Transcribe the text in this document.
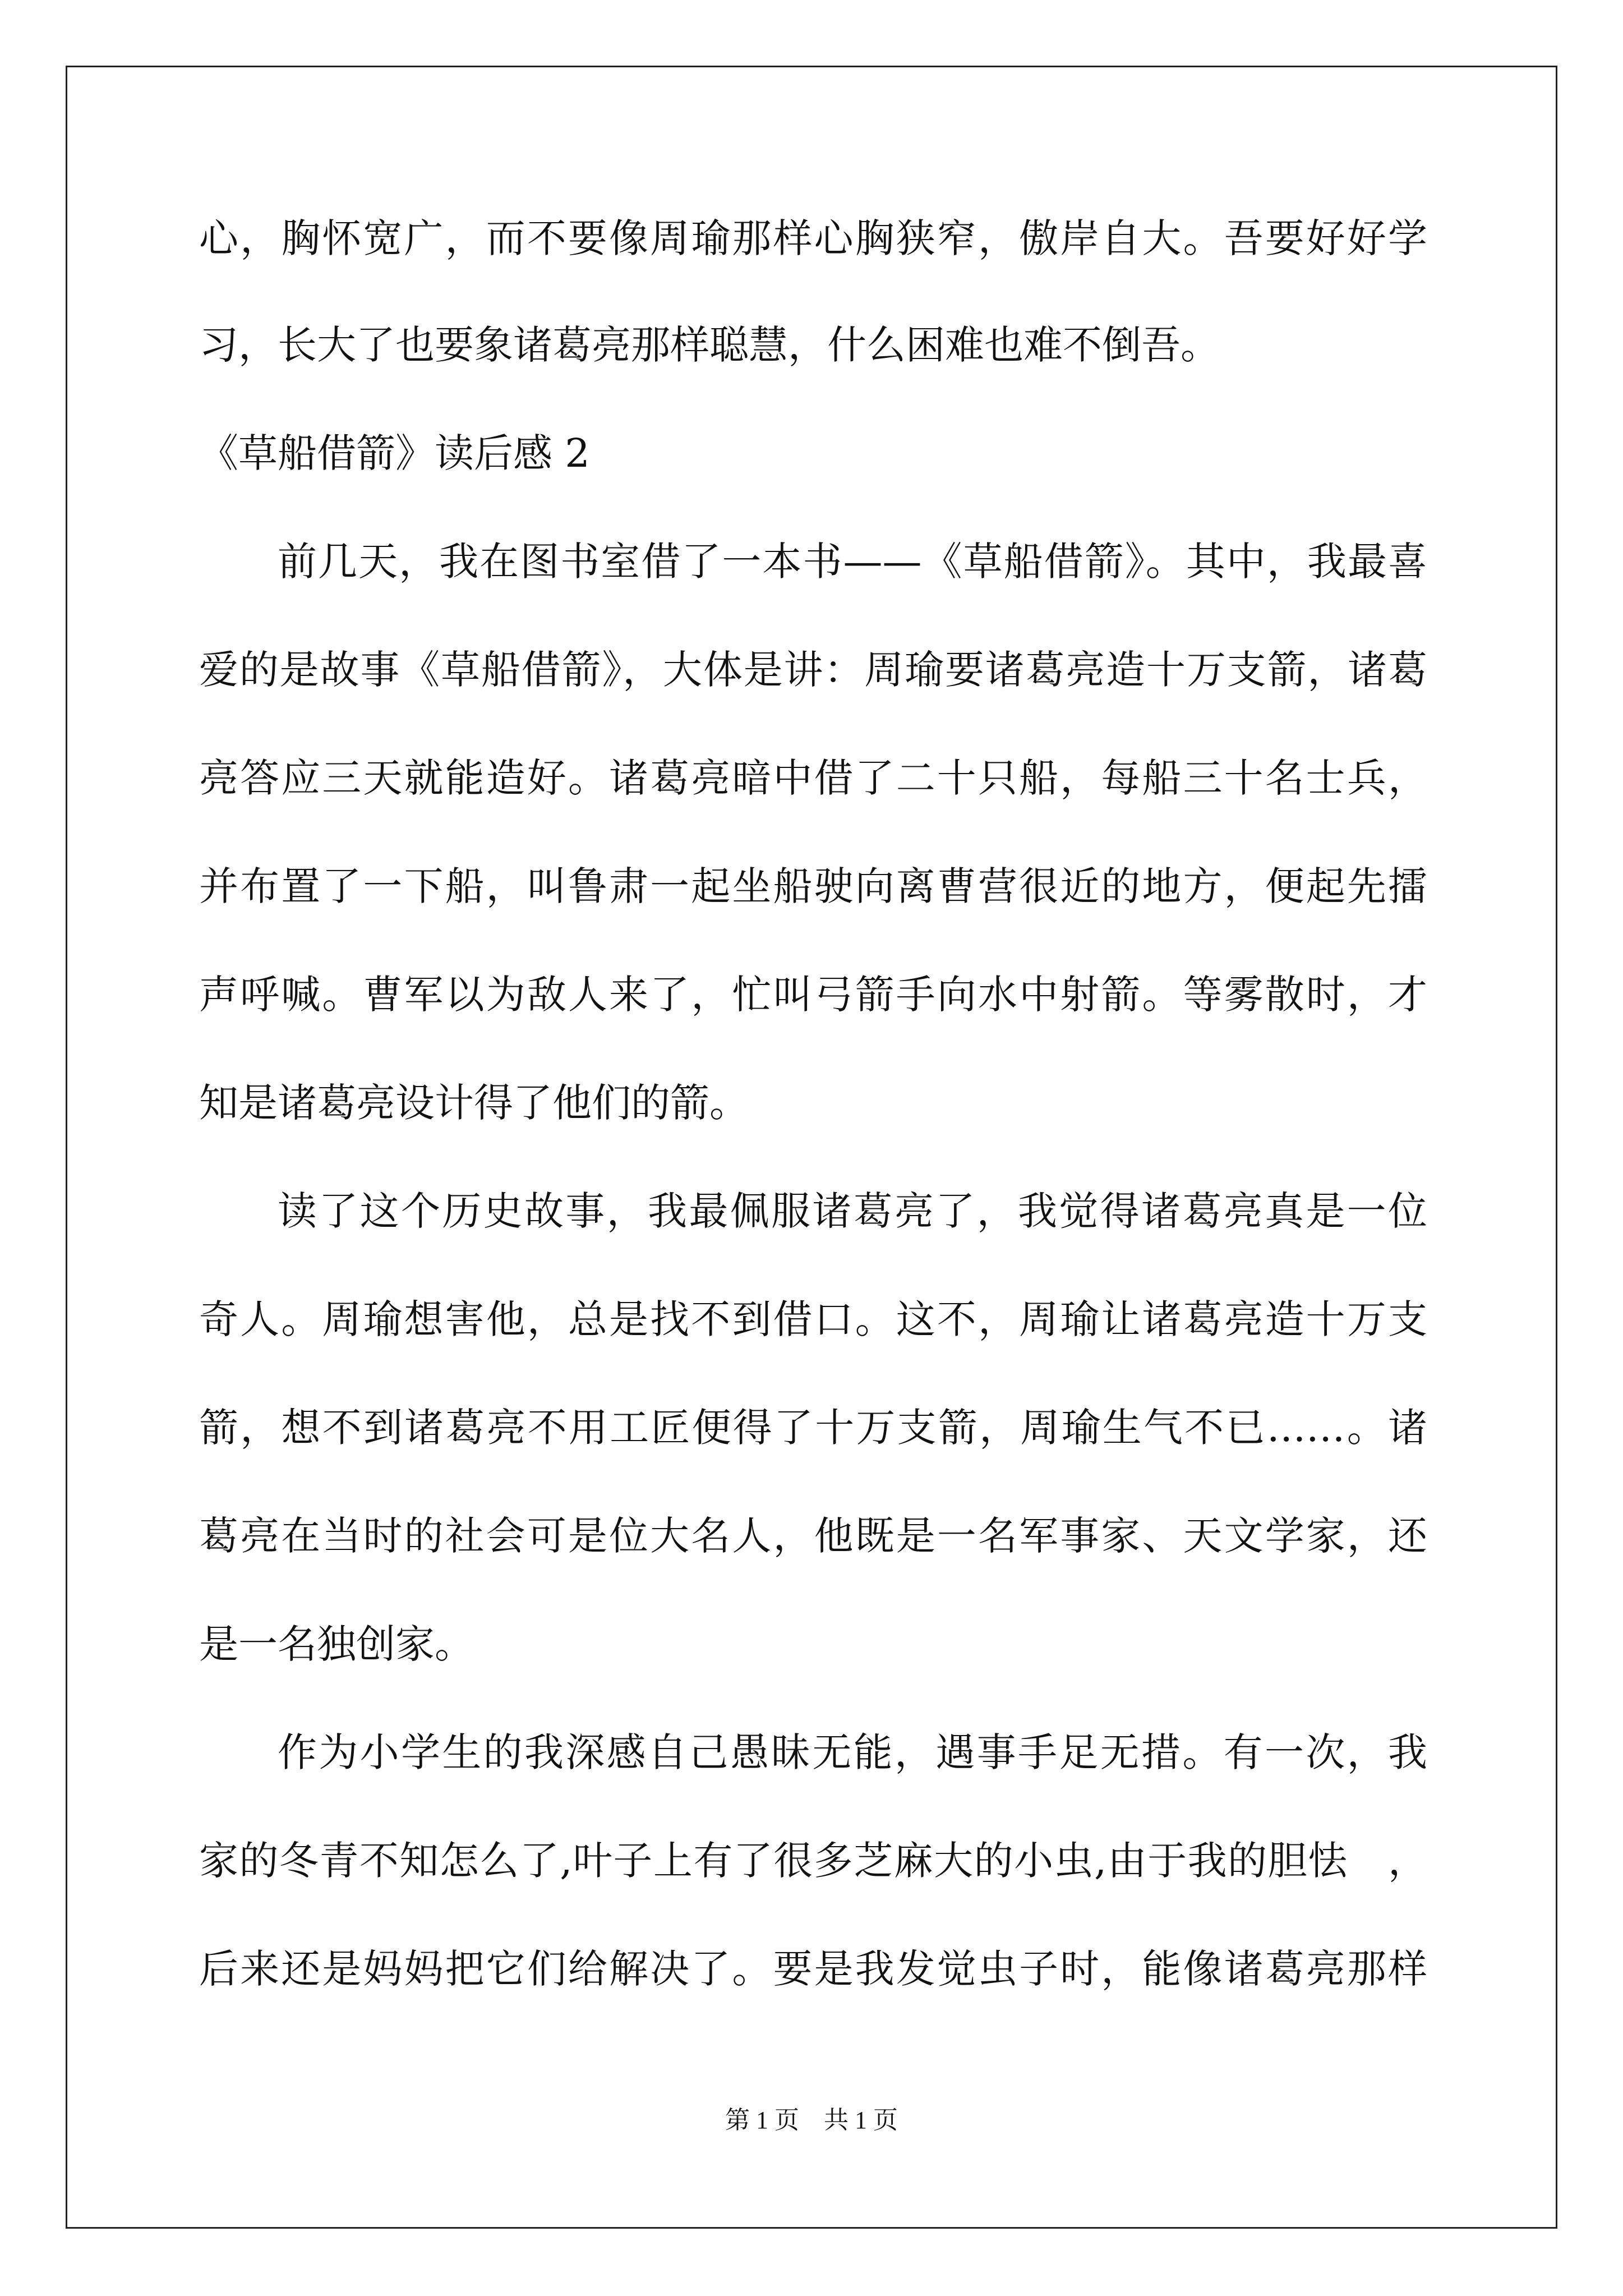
心，胸怀宽广，而不要像周瑜那样心胸狭窄，傲岸自大。吾要好好学
习，长大了也要象诸葛亮那样聪慧，什么困难也难不倒吾。
《草船借箭》读后感 2
前几天，我在图书室借了一本书——《草船借箭》。其中，我最喜
爱的是故事《草船借箭》，大体是讲：周瑜要诸葛亮造十万支箭，诸葛
亮答应三天就能造好。诸葛亮暗中借了二十只船，每船三十名士兵，
并布置了一下船，叫鲁肃一起坐船驶向离曹营很近的地方，便起先擂
声呼喊。曹军以为敌人来了，忙叫弓箭手向水中射箭。等雾散时，才
知是诸葛亮设计得了他们的箭。
读了这个历史故事，我最佩服诸葛亮了，我觉得诸葛亮真是一位
奇人。周瑜想害他，总是找不到借口。这不，周瑜让诸葛亮造十万支
箭，想不到诸葛亮不用工匠便得了十万支箭，周瑜生气不已……。诸
葛亮在当时的社会可是位大名人，他既是一名军事家、天文学家，还
是一名独创家。
作为小学生的我深感自己愚昧无能，遇事手足无措。有一次，我
家的冬青不知怎么了,叶子上有了很多芝麻大的小虫,由于我的胆怯　，
后来还是妈妈把它们给解决了。要是我发觉虫子时，能像诸葛亮那样
第 1 页　共 1 页
